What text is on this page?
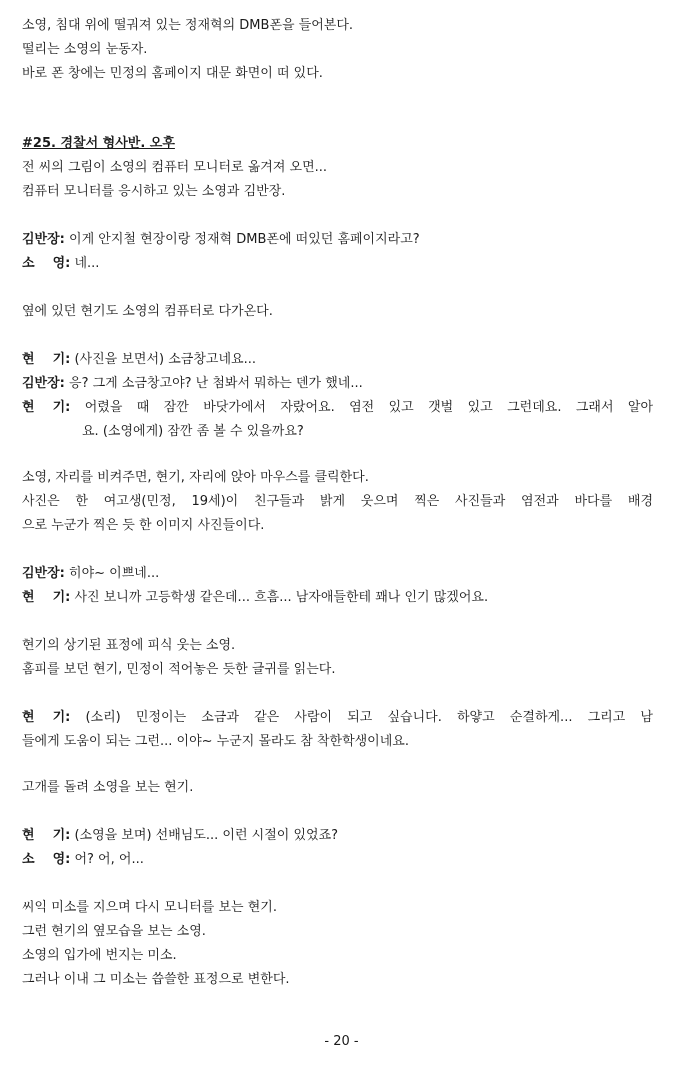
소영, 침대 위에 떨궈져 있는 정재혁의 DMB폰을 들어본다.
떨리는 소영의 눈동자.
바로 폰 창에는 민정의 홈페이지 대문 화면이 떠 있다.
#25. 경찰서 형사반. 오후
전 씨의 그림이 소영의 컴퓨터 모니터로 옮겨져 오면...
컴퓨터 모니터를 응시하고 있는 소영과 김반장.
김반장: 이게 안지철 현장이랑 정재혁 DMB폰에 떠있던 홈페이지라고?
소 영: 네...
옆에 있던 현기도 소영의 컴퓨터로 다가온다.
현 기: (사진을 보면서) 소금창고네요...
김반장: 응? 그게 소금창고야? 난 첨봐서 뭐하는 덴가 했네...
현 기: 어렸을 때 잠깐 바닷가에서 자랐어요. 염전 있고 갯벌 있고 그런데요. 그래서 알아
요. (소영에게) 잠깐 좀 볼 수 있을까요?
소영, 자리를 비켜주면, 현기, 자리에 앉아 마우스를 클릭한다.
사진은 한 여고생(민정, 19세)이 친구들과 밝게 웃으며 찍은 사진들과 염전과 바다를 배경
으로 누군가 찍은 듯 한 이미지 사진들이다.
김반장: 히야~ 이쁘네...
현 기: 사진 보니까 고등학생 같은데... 흐흠... 남자애들한테 꽤나 인기 많겠어요.
현기의 상기된 표정에 피식 웃는 소영.
홈피를 보던 현기, 민정이 적어놓은 듯한 글귀를 읽는다.
현 기: (소리) 민정이는 소금과 같은 사람이 되고 싶습니다. 하얗고 순결하게... 그리고 남
들에게 도움이 되는 그런... 이야~ 누군지 몰라도 참 착한학생이네요.
고개를 돌려 소영을 보는 현기.
현 기: (소영을 보며) 선배님도... 이런 시절이 있었죠?
소 영: 어? 어, 어...
씨익 미소를 지으며 다시 모니터를 보는 현기.
그런 현기의 옆모습을 보는 소영.
소영의 입가에 번지는 미소.
그러나 이내 그 미소는 씁쓸한 표정으로 변한다.
- 20 -
